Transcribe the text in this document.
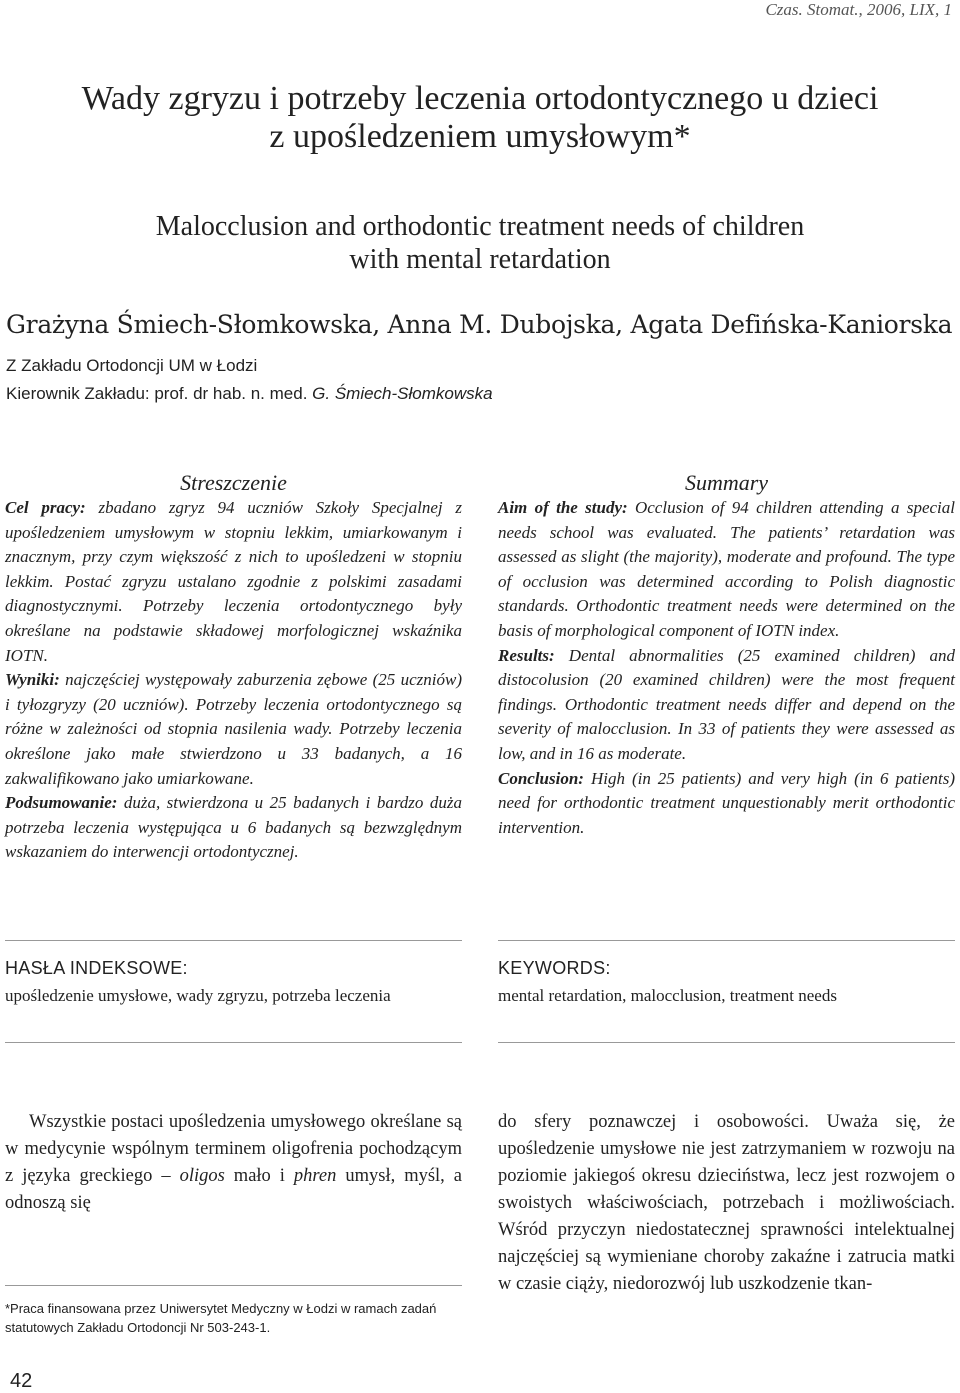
Czas. Stomat., 2006, LIX, 1
Wady zgryzu i potrzeby leczenia ortodontycznego u dzieci
z upośledzeniem umysłowym*
Malocclusion and orthodontic treatment needs of children
with mental retardation
Grażyna Śmiech-Słomkowska, Anna M. Dubojska, Agata Defińska-Kaniorska
Z Zakładu Ortodoncji UM w Łodzi
Kierownik Zakładu: prof. dr hab. n. med. G. Śmiech-Słomkowska
Streszczenie
Cel pracy: zbadano zgryz 94 uczniów Szkoły Specjalnej z upośledzeniem umysłowym w stopniu lekkim, umiarkowanym i znacznym, przy czym większość z nich to upośledzeni w stopniu lekkim. Postać zgryzu ustalano zgodnie z polskimi zasadami diagnostycznymi. Potrzeby leczenia ortodontycznego były określane na podstawie składowej morfologicznej wskaźnika IOTN.
Wyniki: najczęściej występowały zaburzenia zębowe (25 uczniów) i tyłozgryzy (20 uczniów). Potrzeby leczenia ortodontycznego są różne w zależności od stopnia nasilenia wady. Potrzeby leczenia określone jako małe stwierdzono u 33 badanych, a 16 zakwalifikowano jako umiarkowane.
Podsumowanie: duża, stwierdzona u 25 badanych i bardzo duża potrzeba leczenia występująca u 6 badanych są bezwzględnym wskazaniem do interwencji ortodontycznej.
Summary
Aim of the study: Occlusion of 94 children attending a special needs school was evaluated. The patients’ retardation was assessed as slight (the majority), moderate and profound. The type of occlusion was determined according to Polish diagnostic standards. Orthodontic treatment needs were determined on the basis of morphological component of IOTN index.
Results: Dental abnormalities (25 examined children) and distocolusion (20 examined children) were the most frequent findings. Orthodontic treatment needs differ and depend on the severity of malocclusion. In 33 of patients they were assessed as low, and in 16 as moderate.
Conclusion: High (in 25 patients) and very high (in 6 patients) need for orthodontic treatment unquestionably merit orthodontic intervention.
HASŁA INDEKSOWE:
upośledzenie umysłowe, wady zgryzu, potrzeba leczenia
KEYWORDS:
mental retardation, malocclusion, treatment needs

Wszystkie postaci upośledzenia umysłowego określane są w medycynie wspólnym terminem oligofrenia pochodzącym z języka greckiego – oligos mało i phren umysł, myśl, a odnoszą się

do sfery poznawczej i osobowości. Uważa się, że upośledzenie umysłowe nie jest zatrzymaniem w rozwoju na poziomie jakiegoś okresu dzieciństwa, lecz jest rozwojem o swoistych właściwościach, potrzebach i możliwościach. Wśród przyczyn niedostatecznej sprawności intelektualnej najczęściej są wymieniane choroby zakaźne i zatrucia matki w czasie ciąży, niedorozwój lub uszkodzenie tkan-

*Praca finansowana przez Uniwersytet Medyczny w Łodzi w ramach zadań statutowych Zakładu Ortodoncji Nr 503-243-1.
42
